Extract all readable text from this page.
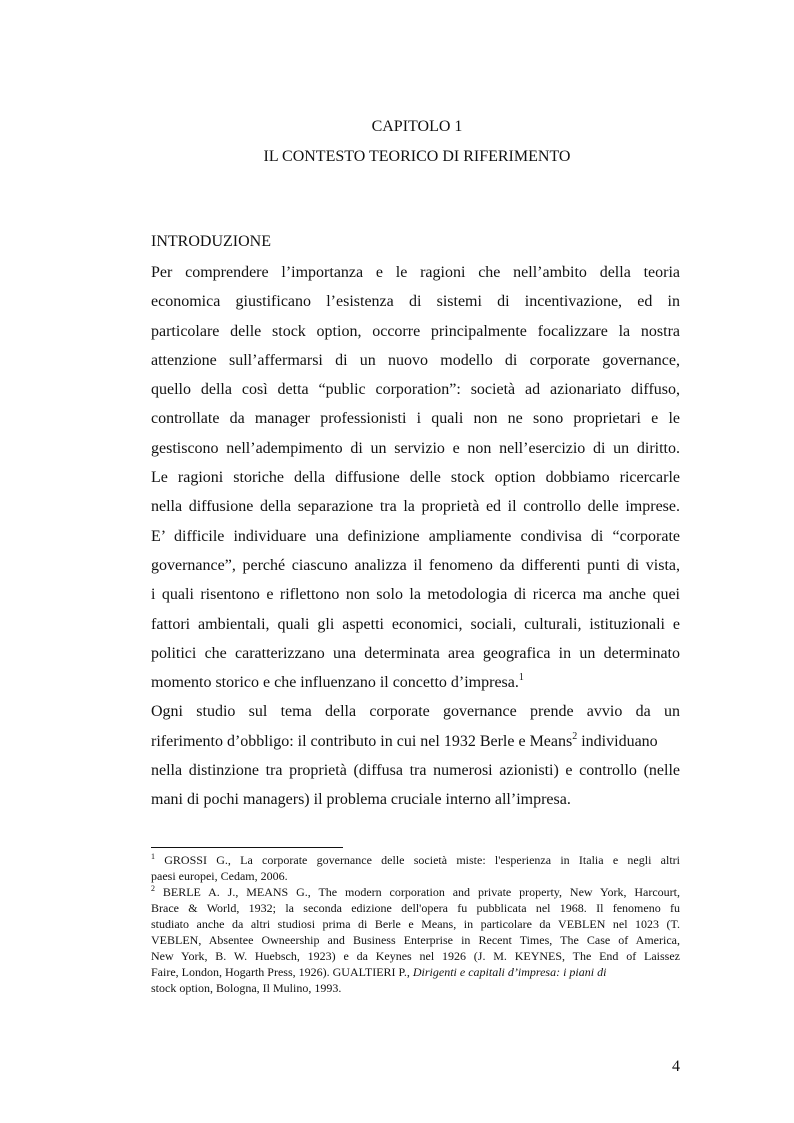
CAPITOLO 1
IL CONTESTO TEORICO DI RIFERIMENTO
INTRODUZIONE
Per comprendere l’importanza e le ragioni che nell’ambito della teoria
economica giustificano l’esistenza di sistemi di incentivazione, ed in
particolare delle stock option, occorre principalmente focalizzare la nostra
attenzione sull’affermarsi di un nuovo modello di corporate governance,
quello della così detta “public corporation”: società ad azionariato diffuso,
controllate da manager professionisti i quali non ne sono proprietari e le
gestiscono nell’adempimento di un servizio e non nell’esercizio di un diritto.
Le ragioni storiche della diffusione delle stock option dobbiamo ricercarle
nella diffusione della separazione tra la proprietà ed il controllo delle imprese.
E’ difficile individuare una definizione ampliamente condivisa di “corporate
governance”, perché ciascuno analizza il fenomeno da differenti punti di vista,
i quali risentono e riflettono non solo la metodologia di ricerca ma anche quei
fattori ambientali, quali gli aspetti economici, sociali, culturali, istituzionali e
politici che caratterizzano una determinata area geografica in un determinato
momento storico e che influenzano il concetto d’impresa.$^1$
Ogni studio sul tema della corporate governance prende avvio da un
riferimento d’obbligo: il contributo in cui nel 1932 Berle e Means$^2$ individuano
nella distinzione tra proprietà (diffusa tra numerosi azionisti) e controllo (nelle
mani di pochi managers) il problema cruciale interno all’impresa.
$^1$ GROSSI G., La corporate governance delle società miste: l'esperienza in Italia e negli altri
paesi europei, Cedam, 2006.
$^2$ BERLE A. J., MEANS G., The modern corporation and private property, New York, Harcourt,
Brace & World, 1932; la seconda edizione dell'opera fu pubblicata nel 1968. Il fenomeno fu
studiato anche da altri studiosi prima di Berle e Means, in particolare da VEBLEN nel 1023 (T.
VEBLEN, Absentee Owneership and Business Enterprise in Recent Times, The Case of America,
New York, B. W. Huebsch, 1923) e da Keynes nel 1926 (J. M. KEYNES, The End of Laissez
Faire, London, Hogarth Press, 1926). GUALTIERI P., Dirigenti e capitali d’impresa: i piani di
stock option, Bologna, Il Mulino, 1993.
4
